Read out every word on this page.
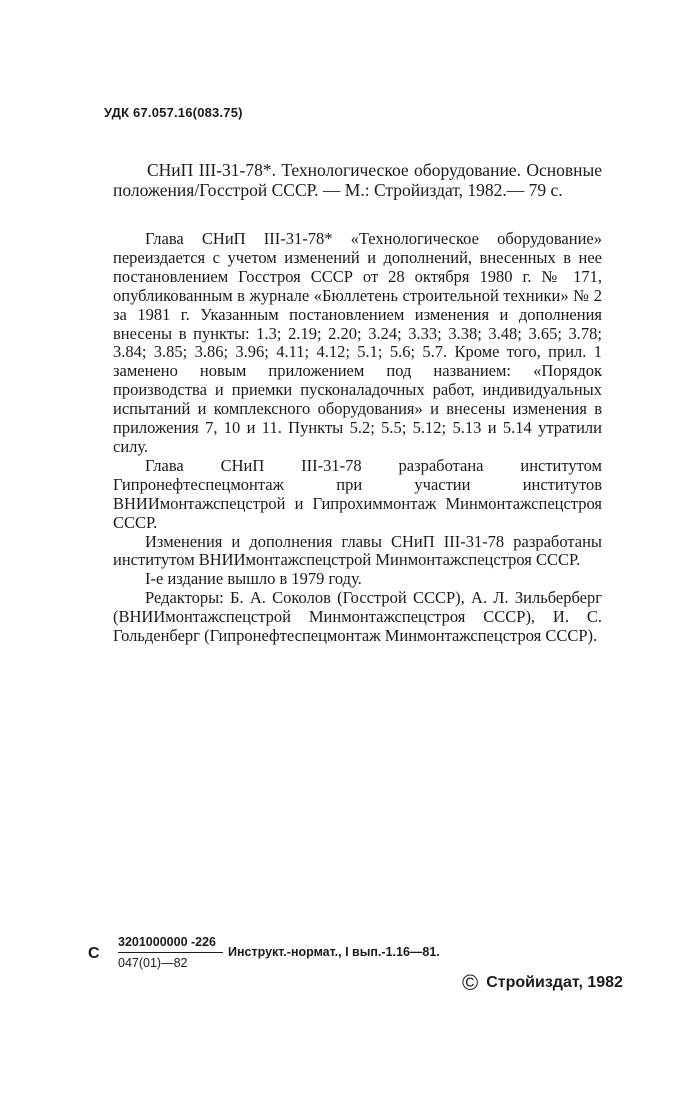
УДК 67.057.16(083.75)
СНиП III-31-78*. Технологическое оборудование. Основные положения/Госстрой СССР. — М.: Стройиздат, 1982.— 79 с.

Глава СНиП III-31-78* «Технологическое оборудование» переиздается с учетом изменений и дополнений, внесенных в нее постановлением Госстроя СССР от 28 октября 1980 г. № 171, опубликованным в журнале «Бюллетень строительной техники» № 2 за 1981 г. Указанным постановлением изменения и дополнения внесены в пункты: 1.3; 2.19; 2.20; 3.24; 3.33; 3.38; 3.48; 3.65; 3.78; 3.84; 3.85; 3.86; 3.96; 4.11; 4.12; 5.1; 5.6; 5.7. Кроме того, прил. 1 заменено новым приложением под названием: «Порядок производства и приемки пусконаладочных работ, индивидуальных испытаний и комплексного оборудования» и внесены изменения в приложения 7, 10 и 11. Пункты 5.2; 5.5; 5.12; 5.13 и 5.14 утратили силу.

Глава СНиП III-31-78 разработана институтом Гипронефтеспецмонтаж при участии институтов ВНИИмонтажспецстрой и Гипрохиммонтаж Минмонтажспецстроя СССР.

Изменения и дополнения главы СНиП III-31-78 разработаны институтом ВНИИмонтажспецстрой Минмонтажспецстроя СССР.

I-е издание вышло в 1979 году.

Редакторы: Б. А. Соколов (Госстрой СССР), А. Л. Зильберберг (ВНИИмонтажспецстрой Минмонтажспецстроя СССР), И. С. Гольденберг (Гипронефтеспецмонтаж Минмонтажспецстроя СССР).

С $\frac{3201000000 -226}{047(01)—82}$ Инструкт.-нормат., I вып.-1.16—81.
© Стройиздат, 1982
